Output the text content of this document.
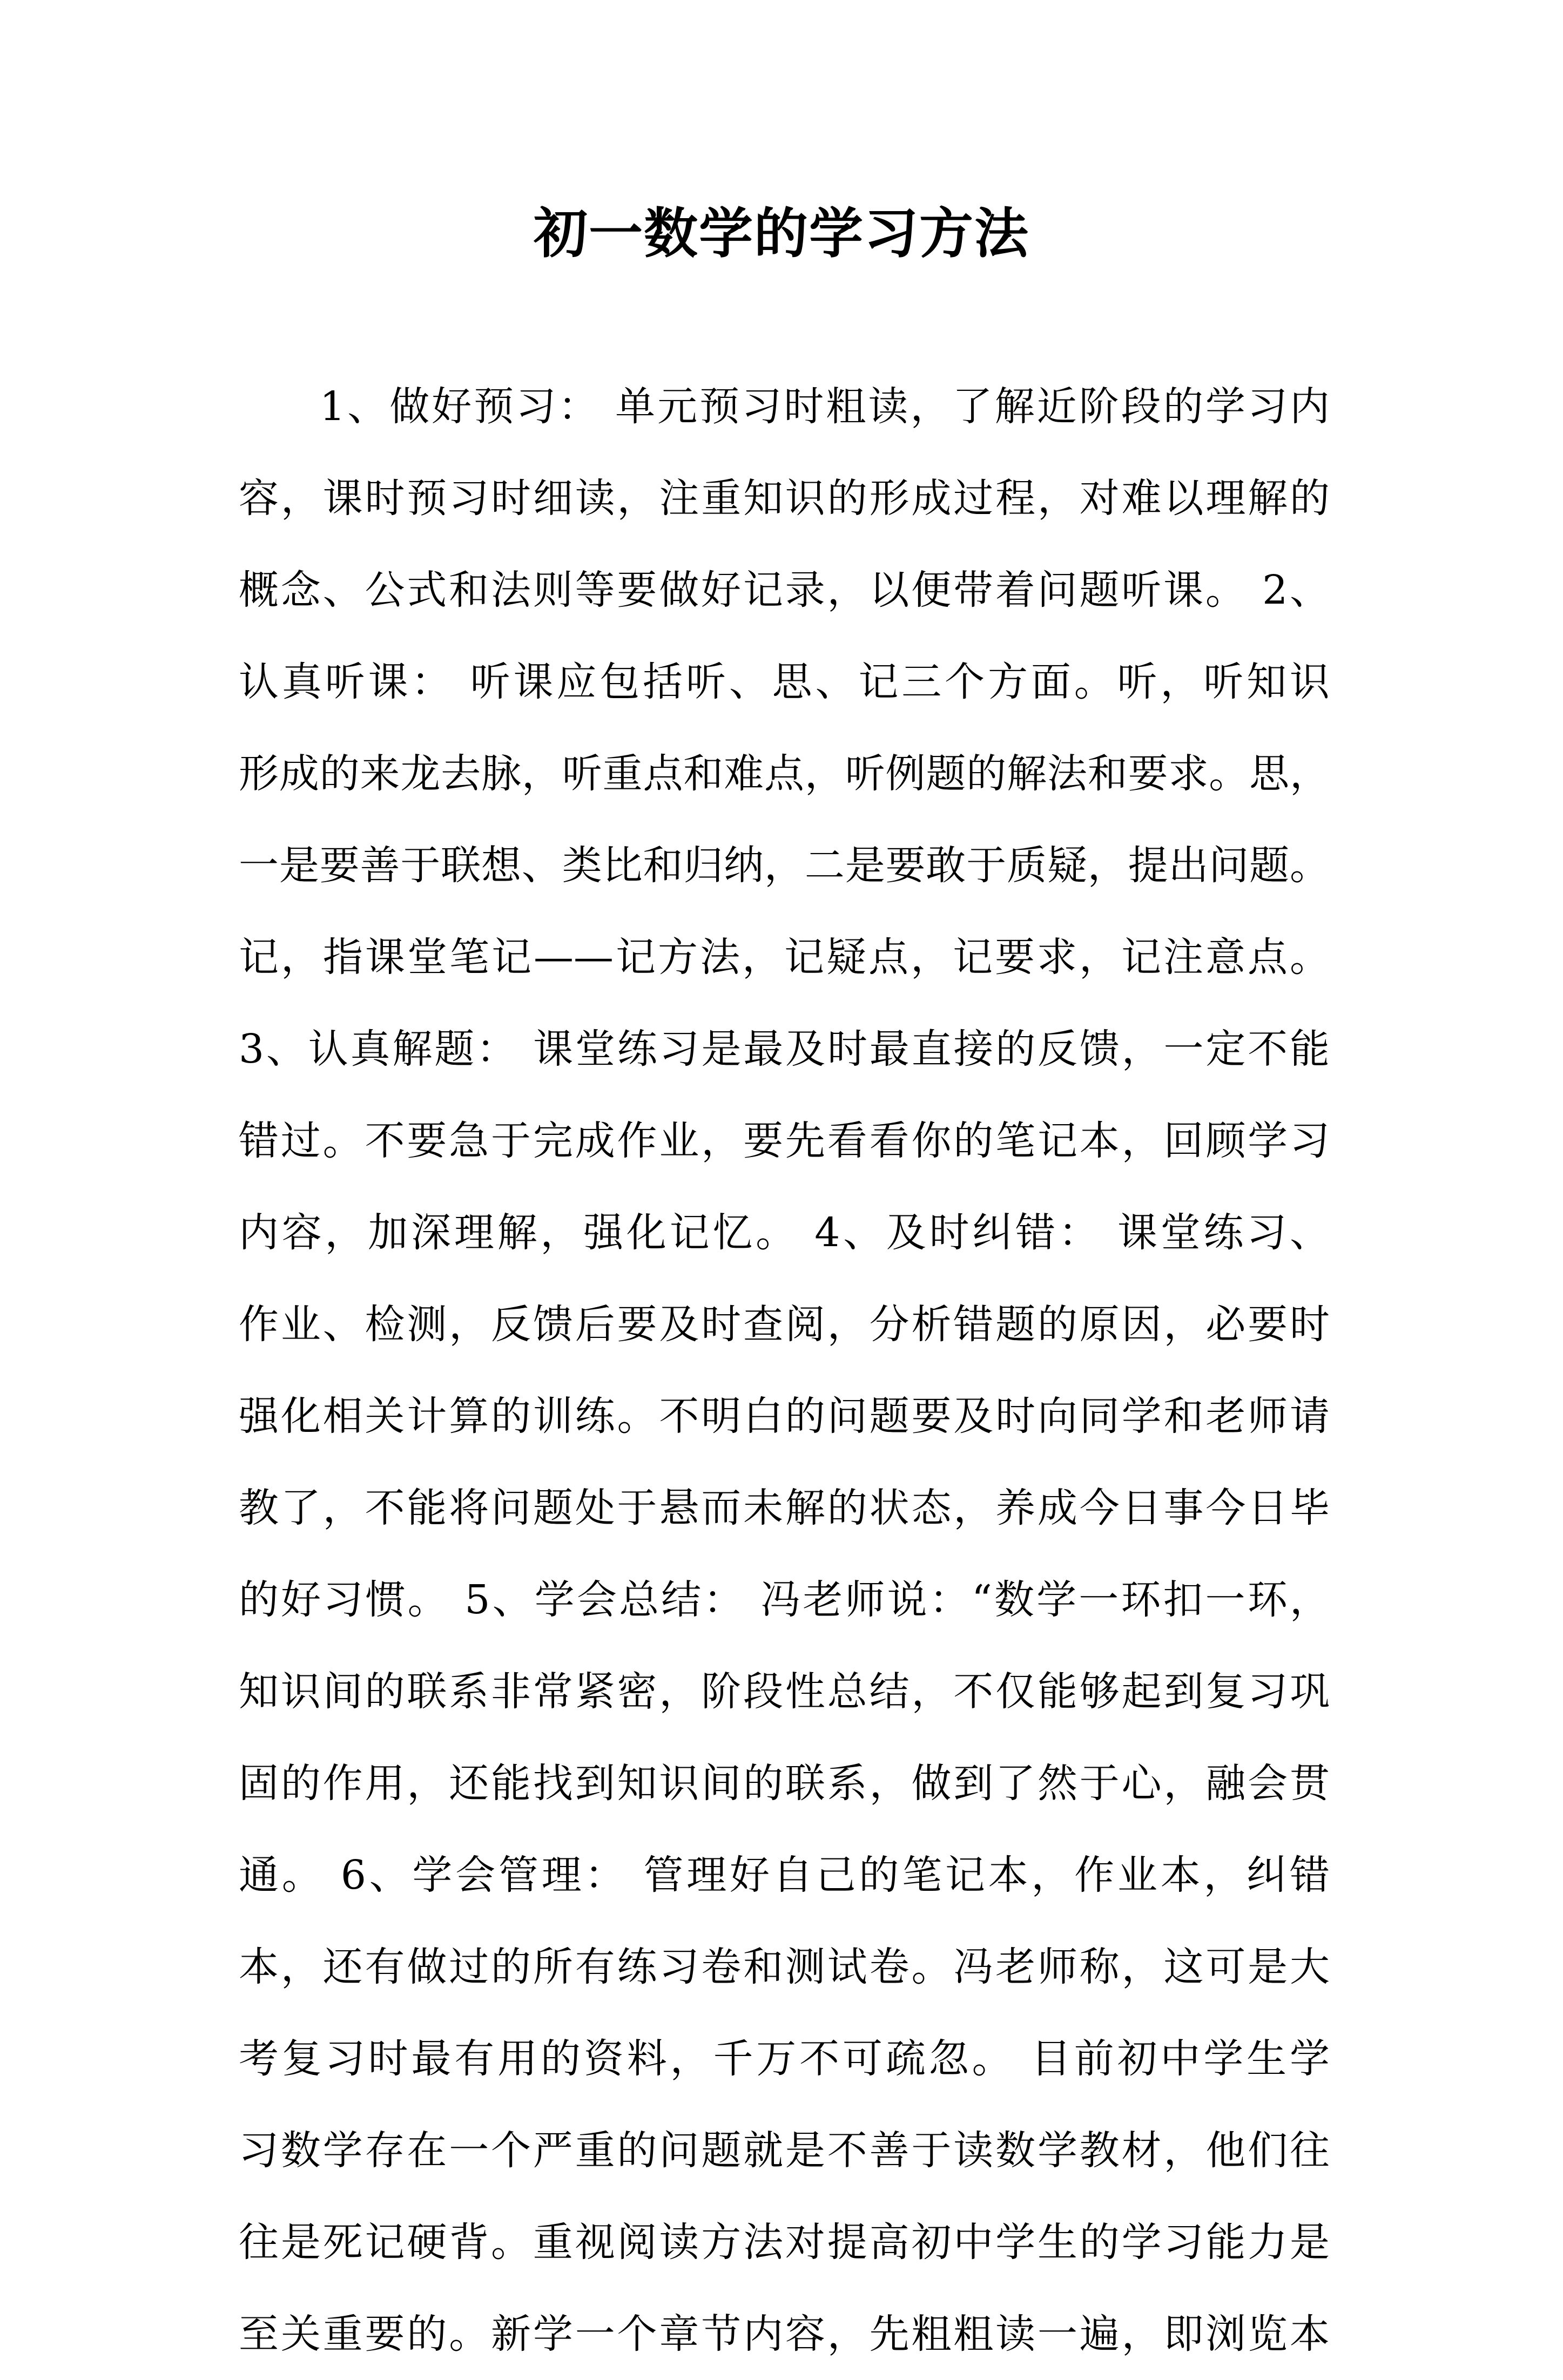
初一数学的学习方法
1、做好预习： 单元预习时粗读，了解近阶段的学习内
容，课时预习时细读，注重知识的形成过程，对难以理解的
概念、公式和法则等要做好记录，以便带着问题听课。 2、
认真听课： 听课应包括听、思、记三个方面。听，听知识
形成的来龙去脉，听重点和难点，听例题的解法和要求。思，
一是要善于联想、类比和归纳，二是要敢于质疑，提出问题。
记，指课堂笔记——记方法，记疑点，记要求，记注意点。
3、认真解题： 课堂练习是最及时最直接的反馈，一定不能
错过。不要急于完成作业，要先看看你的笔记本，回顾学习
内容，加深理解，强化记忆。 4、及时纠错： 课堂练习、
作业、检测，反馈后要及时查阅，分析错题的原因，必要时
强化相关计算的训练。不明白的问题要及时向同学和老师请
教了，不能将问题处于悬而未解的状态，养成今日事今日毕
的好习惯。 5、学会总结： 冯老师说：“数学一环扣一环，
知识间的联系非常紧密，阶段性总结，不仅能够起到复习巩
固的作用，还能找到知识间的联系，做到了然于心，融会贯
通。 6、学会管理： 管理好自己的笔记本，作业本，纠错
本，还有做过的所有练习卷和测试卷。冯老师称，这可是大
考复习时最有用的资料，千万不可疏忽。 目前初中学生学
习数学存在一个严重的问题就是不善于读数学教材，他们往
往是死记硬背。重视阅读方法对提高初中学生的学习能力是
至关重要的。新学一个章节内容，先粗粗读一遍，即浏览本
